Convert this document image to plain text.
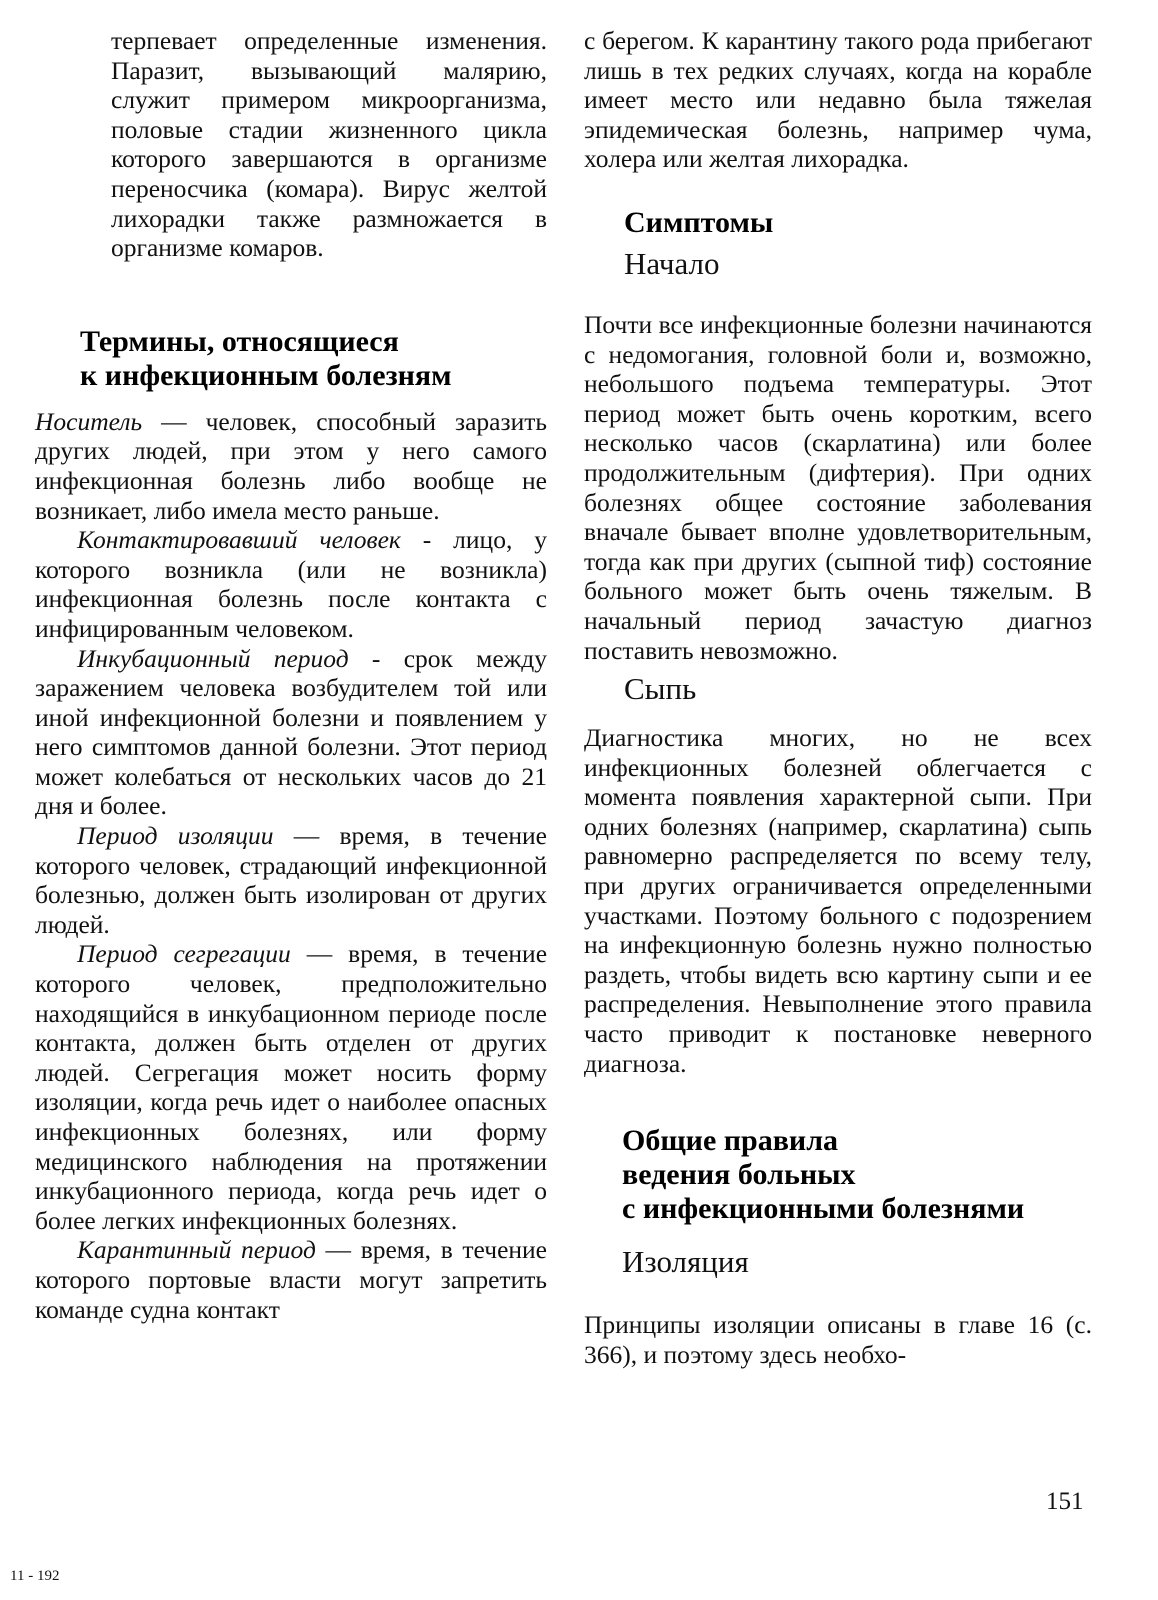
терпевает определенные изменения. Паразит, вызывающий малярию, служит примером микроорганизма, половые стадии жизненного цикла которого завершаются в организме переносчика (комара). Вирус желтой лихорадки также размножается в организме комаров.

Термины, относящиеся
к инфекционным болезням

Носитель — человек, способный заразить других людей, при этом у него самого инфекционная болезнь либо вообще не возникает, либо имела место раньше.

Контактировавший человек - лицо, у которого возникла (или не возникла) инфекционная болезнь после контакта с инфицированным человеком.

Инкубационный период - срок между заражением человека возбудителем той или иной инфекционной болезни и появлением у него симптомов данной болезни. Этот период может колебаться от нескольких часов до 21 дня и более.

Период изоляции — время, в течение которого человек, страдающий инфекционной болезнью, должен быть изолирован от других людей.

Период сегрегации — время, в течение которого человек, предположительно находящийся в инкубационном периоде после контакта, должен быть отделен от других людей. Сегрегация может носить форму изоляции, когда речь идет о наиболее опасных инфекционных болезнях, или форму медицинского наблюдения на протяжении инкубационного периода, когда речь идет о более легких инфекционных болезнях.

Карантинный период — время, в течение которого портовые власти могут запретить команде судна контакт

с берегом. К карантину такого рода прибегают лишь в тех редких случаях, когда на корабле имеет место или недавно была тяжелая эпидемическая болезнь, например чума, холера или желтая лихорадка.

Симптомы
Начало

Почти все инфекционные болезни начинаются с недомогания, головной боли и, возможно, небольшого подъема температуры. Этот период может быть очень коротким, всего несколько часов (скарлатина) или более продолжительным (дифтерия). При одних болезнях общее состояние заболевания вначале бывает вполне удовлетворительным, тогда как при других (сыпной тиф) состояние больного может быть очень тяжелым. В начальный период зачастую диагноз поставить невозможно.

Сыпь

Диагностика многих, но не всех инфекционных болезней облегчается с момента появления характерной сыпи. При одних болезнях (например, скарлатина) сыпь равномерно распределяется по всему телу, при других ограничивается определенными участками. Поэтому больного с подозрением на инфекционную болезнь нужно полностью раздеть, чтобы видеть всю картину сыпи и ее распределения. Невыполнение этого правила часто приводит к постановке неверного диагноза.

Общие правила
ведения больных
с инфекционными болезнями
Изоляция

Принципы изоляции описаны в главе 16 (с. 366), и поэтому здесь необхо-

151
11 - 192
